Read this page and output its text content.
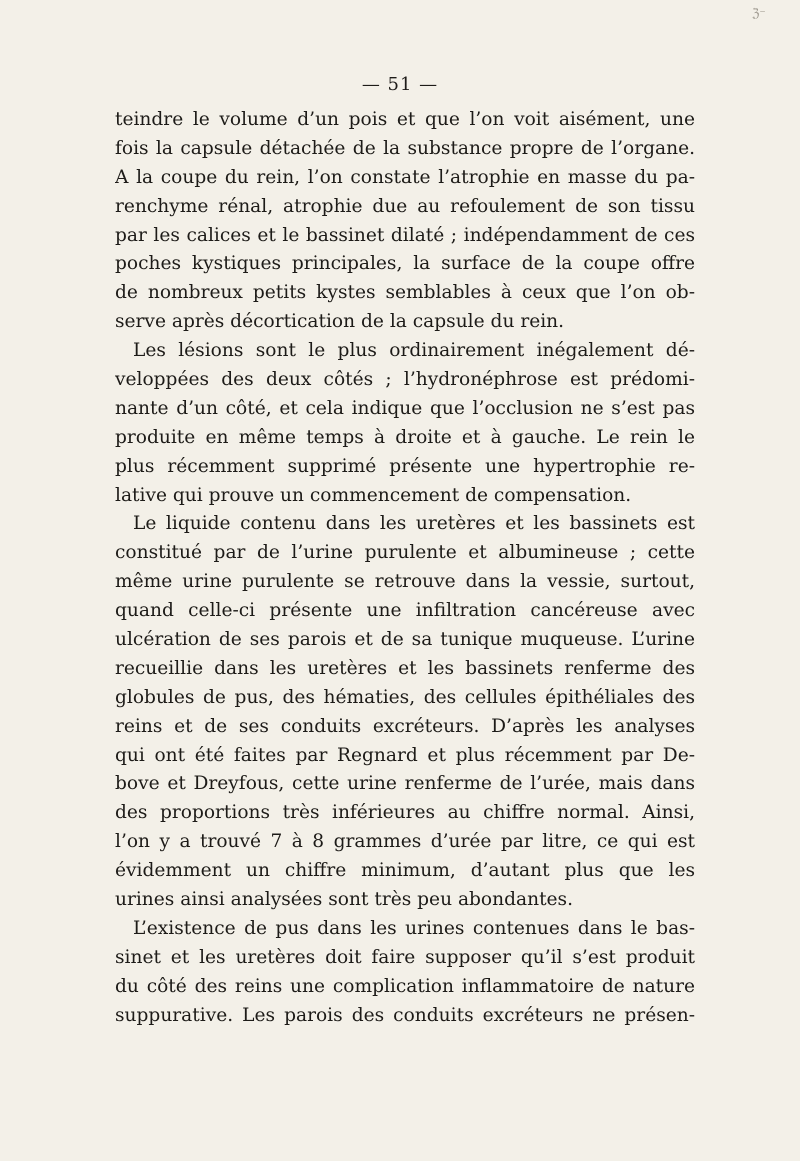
ℨ⁻
— 51 —
teindre le volume d’un pois et que l’on voit aisément, une
fois la capsule détachée de la substance propre de l’organe.
A la coupe du rein, l’on constate l’atrophie en masse du pa-
renchyme rénal, atrophie due au refoulement de son tissu
par les calices et le bassinet dilaté ; indépendamment de ces
poches kystiques principales, la surface de la coupe offre
de nombreux petits kystes semblables à ceux que l’on ob-
serve après décortication de la capsule du rein.
Les lésions sont le plus ordinairement inégalement dé-
veloppées des deux côtés ; l’hydronéphrose est prédomi-
nante d’un côté, et cela indique que l’occlusion ne s’est pas
produite en même temps à droite et à gauche. Le rein le
plus récemment supprimé présente une hypertrophie re-
lative qui prouve un commencement de compensation.
Le liquide contenu dans les uretères et les bassinets est
constitué par de l’urine purulente et albumineuse ; cette
même urine purulente se retrouve dans la vessie, surtout,
quand celle-ci présente une infiltration cancéreuse avec
ulcération de ses parois et de sa tunique muqueuse. L’urine
recueillie dans les uretères et les bassinets renferme des
globules de pus, des hématies, des cellules épithéliales des
reins et de ses conduits excréteurs. D’après les analyses
qui ont été faites par Regnard et plus récemment par De-
bove et Dreyfous, cette urine renferme de l’urée, mais dans
des proportions très inférieures au chiffre normal. Ainsi,
l’on y a trouvé 7 à 8 grammes d’urée par litre, ce qui est
évidemment un chiffre minimum, d’autant plus que les
urines ainsi analysées sont très peu abondantes.
L’existence de pus dans les urines contenues dans le bas-
sinet et les uretères doit faire supposer qu’il s’est produit
du côté des reins une complication inflammatoire de nature
suppurative. Les parois des conduits excréteurs ne présen-
